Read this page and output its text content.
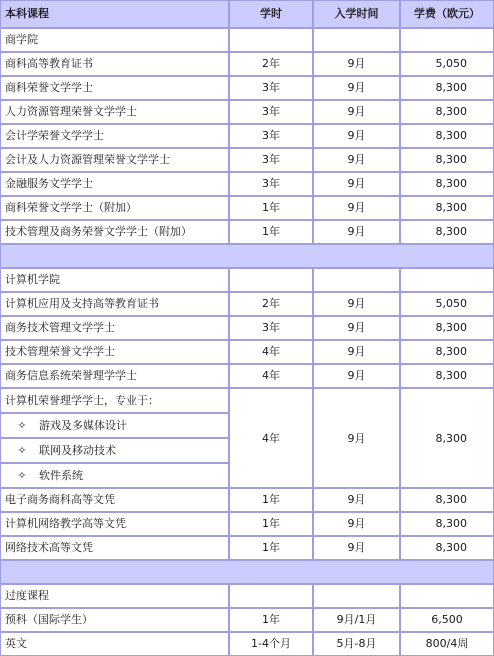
本科课程	学时	入学时间	学费（欧元）
商学院			
商科高等教育证书	2年	9月	5,050
商科荣誉文学学士	3年	9月	8,300
人力资源管理荣誉文学学士	3年	9月	8,300
会计学荣誉文学学士	3年	9月	8,300
会计及人力资源管理荣誉文学学士	3年	9月	8,300
金融服务文学学士	3年	9月	8,300
商科荣誉文学学士（附加）	1年	9月	8,300
技术管理及商务荣誉文学学士（附加）	1年	9月	8,300

计算机学院			
计算机应用及支持高等教育证书	2年	9月	5,050
商务技术管理文学学士	3年	9月	8,300
技术管理荣誉文学学士	4年	9月	8,300
商务信息系统荣誉理学学士	4年	9月	8,300
计算机荣誉理学学士，专业于：	4年	9月	8,300
✧ 游戏及多媒体设计			
✧ 联网及移动技术			
✧ 软件系统			
电子商务商科高等文凭	1年	9月	8,300
计算机网络教学高等文凭	1年	9月	8,300
网络技术高等文凭	1年	9月	8,300

过度课程			
预科（国际学生）	1年	9月/1月	6,500
英文	1-4个月	5月-8月	800/4周
